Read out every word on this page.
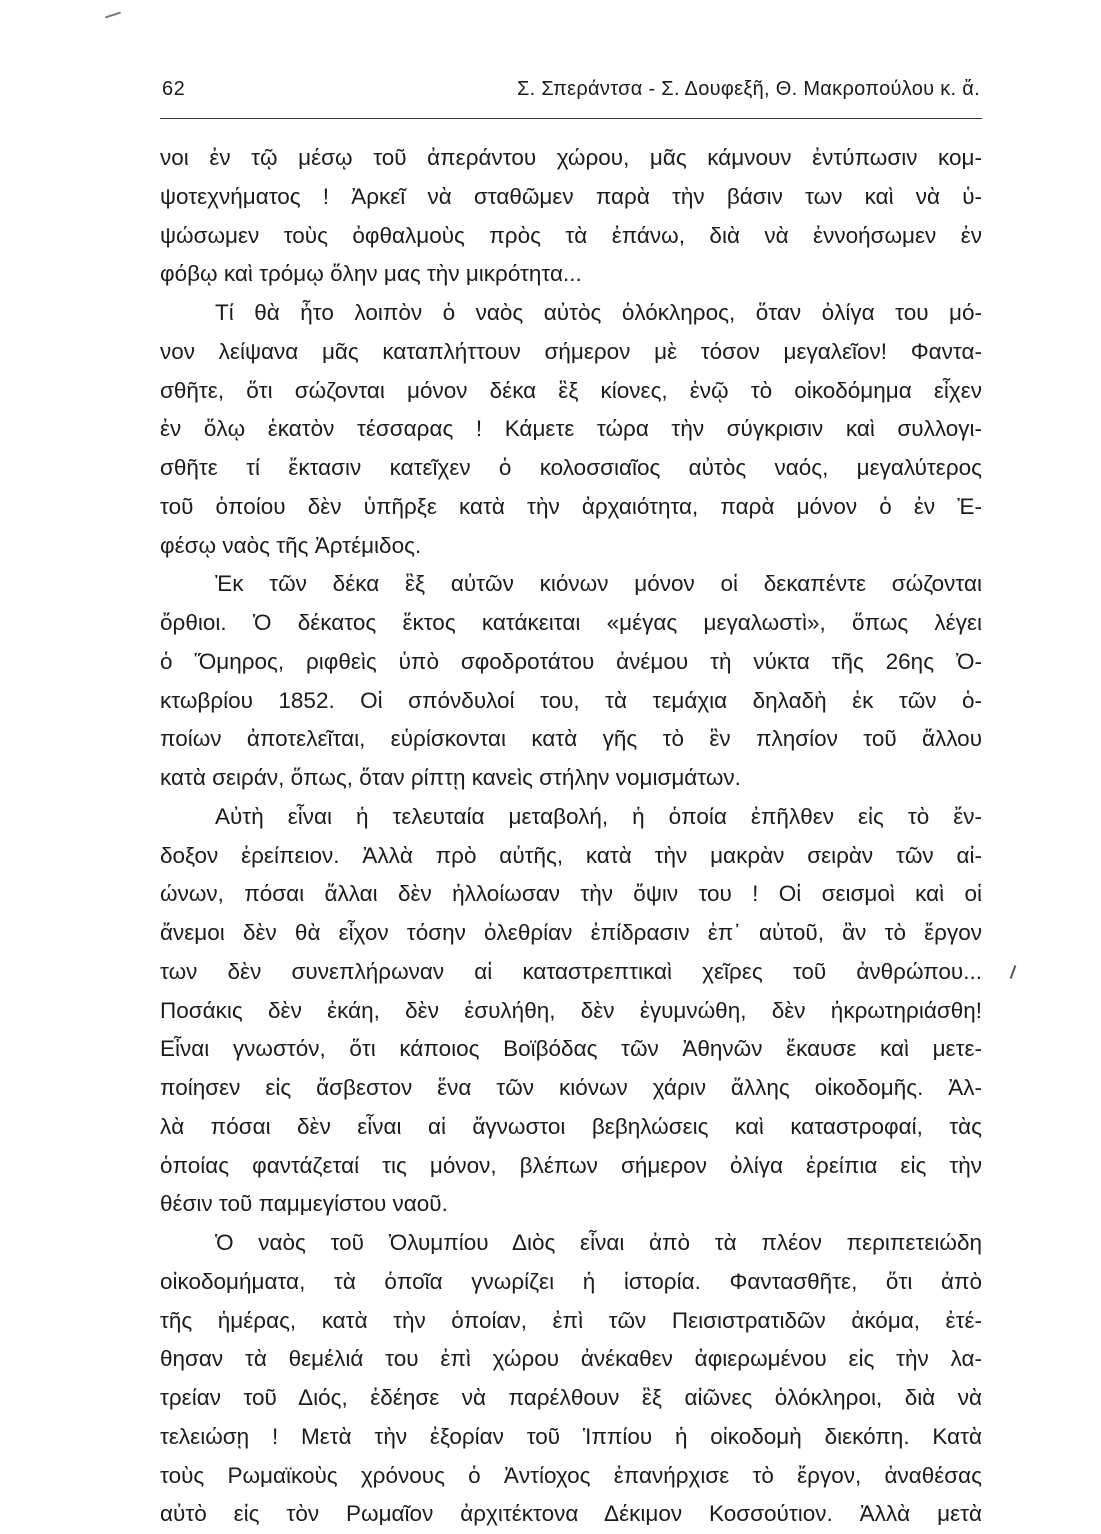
62	Σ. Σπεράντσα - Σ. Δουφεξῆ, Θ. Μακροπούλου κ. ἄ.
νοι ἐν τῷ μέσῳ τοῦ ἀπεράντου χώρου, μᾶς κάμνουν ἐντύπωσιν κομ-
ψοτεχνήματος ! Ἀρκεῖ νὰ σταθῶμεν παρὰ τὴν βάσιν των καὶ νὰ ὑ-
ψώσωμεν τοὺς ὀφθαλμοὺς πρὸς τὰ ἐπάνω, διὰ νὰ ἐννοήσωμεν ἐν
φόβῳ καὶ τρόμῳ ὅλην μας τὴν μικρότητα...
Τί θὰ ἦτο λοιπὸν ὁ ναὸς αὐτὸς ὁλόκληρος, ὅταν ὀλίγα του μό-
νον λείψανα μᾶς καταπλήττουν σήμερον μὲ τόσον μεγαλεῖον! Φαντα-
σθῆτε, ὅτι σώζονται μόνον δέκα ἓξ κίονες, ἐνῷ τὸ οἰκοδόμημα εἶχεν
ἐν ὅλῳ ἑκατὸν τέσσαρας ! Κάμετε τώρα τὴν σύγκρισιν καὶ συλλογι-
σθῆτε τί ἔκτασιν κατεῖχεν ὁ κολοσσιαῖος αὐτὸς ναός, μεγαλύτερος
τοῦ ὁποίου δὲν ὑπῆρξε κατὰ τὴν ἀρχαιότητα, παρὰ μόνον ὁ ἐν Ἐ-
φέσῳ ναὸς τῆς Ἀρτέμιδος.
Ἐκ τῶν δέκα ἓξ αὐτῶν κιόνων μόνον οἱ δεκαπέντε σώζονται
ὄρθιοι. Ὁ δέκατος ἕκτος κατάκειται «μέγας μεγαλωστὶ», ὅπως λέγει
ὁ Ὅμηρος, ριφθεὶς ὑπὸ σφοδροτάτου ἀνέμου τὴ νύκτα τῆς 26ης Ὀ-
κτωβρίου 1852. Οἱ σπόνδυλοί του, τὰ τεμάχια δηλαδὴ ἐκ τῶν ὁ-
ποίων ἀποτελεῖται, εὑρίσκονται κατὰ γῆς τὸ ἓν πλησίον τοῦ ἄλλου
κατὰ σειράν, ὅπως, ὅταν ρίπτῃ κανεὶς στήλην νομισμάτων.
Αὐτὴ εἶναι ἡ τελευταία μεταβολή, ἡ ὁποία ἐπῆλθεν εἰς τὸ ἔν-
δοξον ἐρείπειον. Ἀλλὰ πρὸ αὐτῆς, κατὰ τὴν μακρὰν σειρὰν τῶν αἰ-
ώνων, πόσαι ἄλλαι δὲν ἠλλοίωσαν τὴν ὄψιν του ! Οἱ σεισμοὶ καὶ οἱ
ἄνεμοι δὲν θὰ εἶχον τόσην ὀλεθρίαν ἐπίδρασιν ἐπ᾽ αὐτοῦ, ἂν τὸ ἔργον
των δὲν συνεπλήρωναν αἱ καταστρεπτικαὶ χεῖρες τοῦ ἀνθρώπου...
Ποσάκις δὲν ἐκάη, δὲν ἐσυλήθη, δὲν ἐγυμνώθη, δὲν ἠκρωτηριάσθη!
Εἶναι γνωστόν, ὅτι κάποιος Βοϊβόδας τῶν Ἀθηνῶν ἔκαυσε καὶ μετε-
ποίησεν εἰς ἄσβεστον ἕνα τῶν κιόνων χάριν ἄλλης οἰκοδομῆς. Ἀλ-
λὰ πόσαι δὲν εἶναι αἱ ἄγνωστοι βεβηλώσεις καὶ καταστροφαί, τὰς
ὁποίας φαντάζεταί τις μόνον, βλέπων σήμερον ὀλίγα ἐρείπια εἰς τὴν
θέσιν τοῦ παμμεγίστου ναοῦ.
Ὁ ναὸς τοῦ Ὀλυμπίου Διὸς εἶναι ἀπὸ τὰ πλέον περιπετειώδη
οἰκοδομήματα, τὰ ὁποῖα γνωρίζει ἡ ἱστορία. Φαντασθῆτε, ὅτι ἀπὸ
τῆς ἡμέρας, κατὰ τὴν ὁποίαν, ἐπὶ τῶν Πεισιστρατιδῶν ἀκόμα, ἐτέ-
θησαν τὰ θεμέλιά του ἐπὶ χώρου ἀνέκαθεν ἀφιερωμένου εἰς τὴν λα-
τρείαν τοῦ Διός, ἐδέησε νὰ παρέλθουν ἓξ αἰῶνες ὁλόκληροι, διὰ νὰ
τελειώσῃ ! Μετὰ τὴν ἐξορίαν τοῦ Ἱππίου ἡ οἰκοδομὴ διεκόπη. Κατὰ
τοὺς Ρωμαϊκοὺς χρόνους ὁ Ἀντίοχος ἐπανήρχισε τὸ ἔργον, ἀναθέσας
αὐτὸ εἰς τὸν Ρωμαῖον ἀρχιτέκτονα Δέκιμον Κοσσούτιον. Ἀλλὰ μετὰ
